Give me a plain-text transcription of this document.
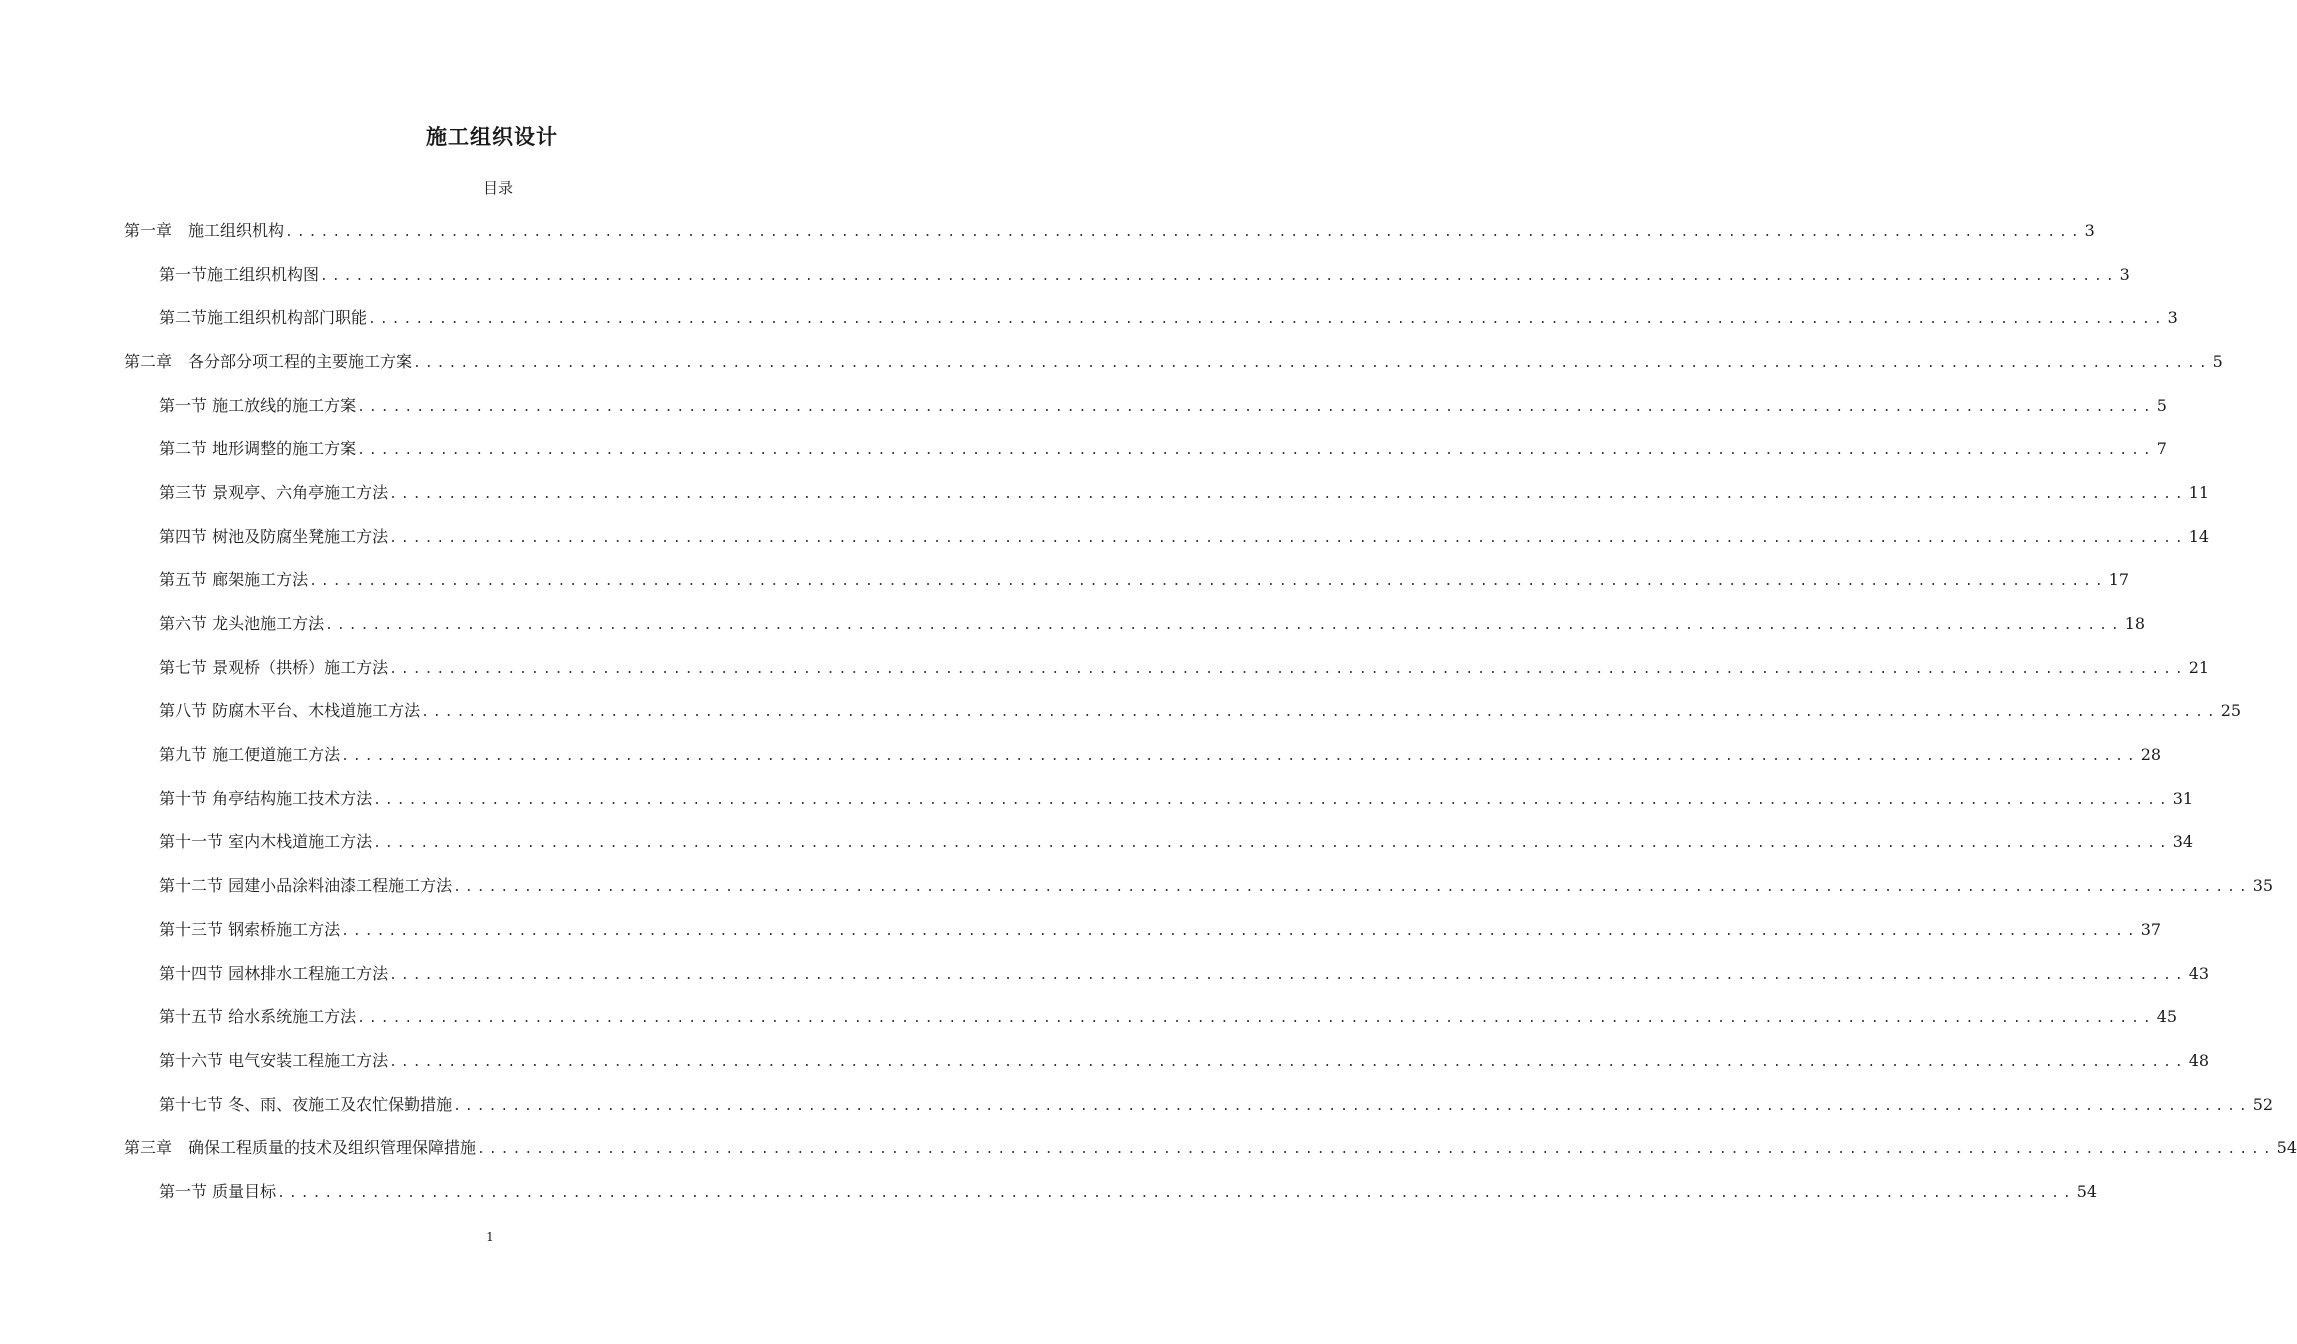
施工组织设计
目录
第一章　施工组织机构 ........................................................................................................................................................ 3
第一节施工组织机构图 ........................................................................................................................................................ 3
第二节施工组织机构部门职能 ........................................................................................................................................................ 3
第二章　各分部分项工程的主要施工方案 ........................................................................................................................................................ 5
第一节 施工放线的施工方案 ........................................................................................................................................................ 5
第二节 地形调整的施工方案 ........................................................................................................................................................ 7
第三节 景观亭、六角亭施工方法 ........................................................................................................................................................ 11
第四节 树池及防腐坐凳施工方法 ........................................................................................................................................................ 14
第五节 廊架施工方法 ........................................................................................................................................................ 17
第六节 龙头池施工方法 ........................................................................................................................................................ 18
第七节 景观桥（拱桥）施工方法 ........................................................................................................................................................ 21
第八节 防腐木平台、木栈道施工方法 ........................................................................................................................................................ 25
第九节 施工便道施工方法 ........................................................................................................................................................ 28
第十节 角亭结构施工技术方法 ........................................................................................................................................................ 31
第十一节 室内木栈道施工方法 ........................................................................................................................................................ 34
第十二节 园建小品涂料油漆工程施工方法 ........................................................................................................................................................ 35
第十三节 钢索桥施工方法 ........................................................................................................................................................ 37
第十四节 园林排水工程施工方法 ........................................................................................................................................................ 43
第十五节 给水系统施工方法 ........................................................................................................................................................ 45
第十六节 电气安装工程施工方法 ........................................................................................................................................................ 48
第十七节 冬、雨、夜施工及农忙保勤措施 ........................................................................................................................................................ 52
第三章　确保工程质量的技术及组织管理保障措施 ........................................................................................................................................................ 54
第一节 质量目标 ........................................................................................................................................................ 54
1
